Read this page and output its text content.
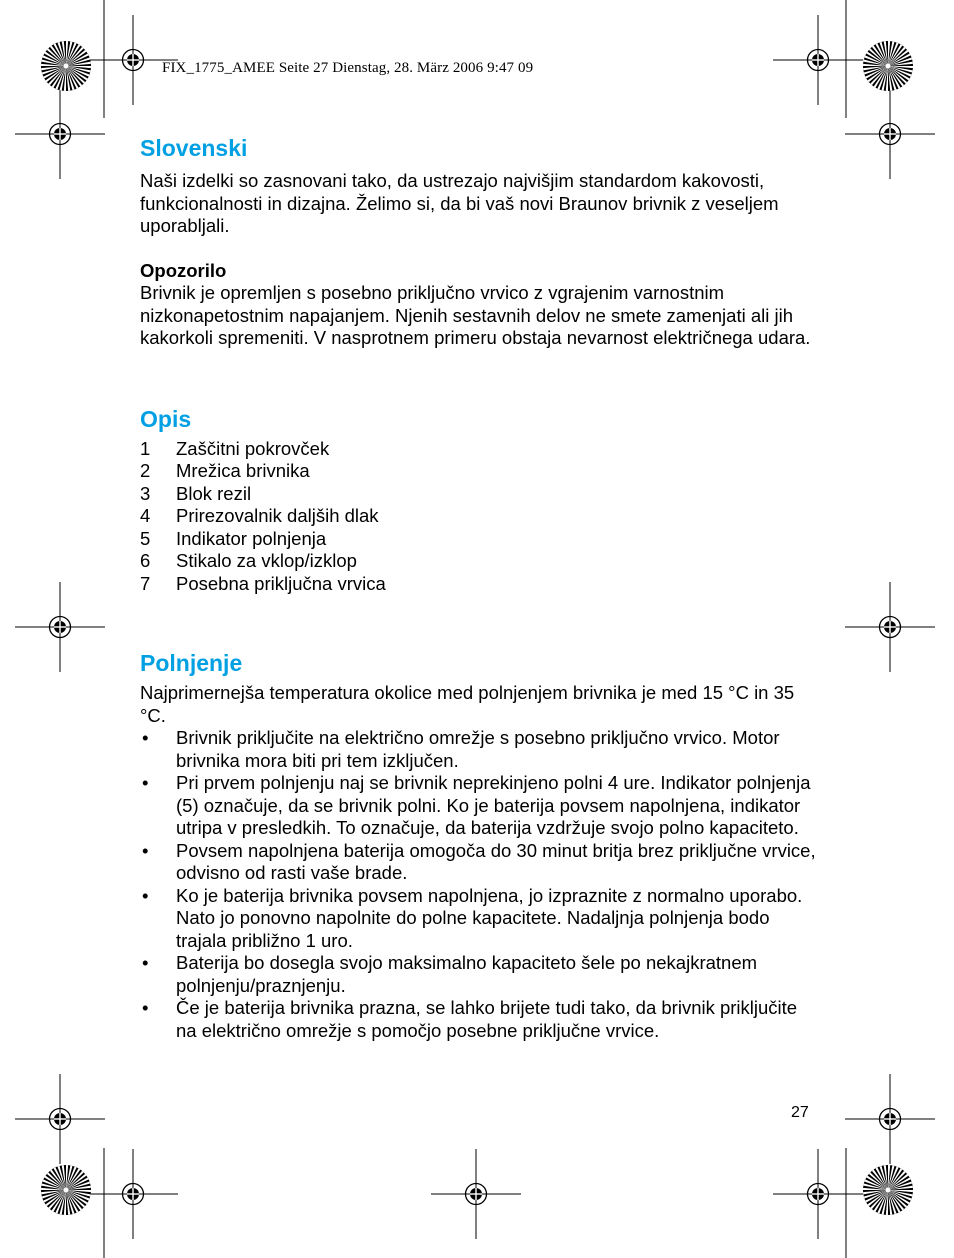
FIX_1775_AMEE Seite 27 Dienstag, 28. März 2006 9:47 09
Slovenski

Naši izdelki so zasnovani tako, da ustrezajo najvišjim standardom kakovosti, funkcionalnosti in dizajna. Želimo si, da bi vaš novi Braunov brivnik z veseljem uporabljali.

Opozorilo

Brivnik je opremljen s posebno priključno vrvico z vgrajenim varnostnim nizkonapetostnim napajanjem. Njenih sestavnih delov ne smete zamenjati ali jih kakorkoli spremeniti. V nasprotnem primeru obstaja nevarnost električnega udara.

Opis
1	Zaščitni pokrovček
2	Mrežica brivnika
3	Blok rezil
4	Prirezovalnik daljših dlak
5	Indikator polnjenja
6	Stikalo za vklop/izklop
7	Posebna priključna vrvica
Polnjenje

Najprimernejša temperatura okolice med polnjenjem brivnika je med 15 °C in 35 °C.

•	Brivnik priključite na električno omrežje s posebno priključno vrvico. Motor brivnika mora biti pri tem izključen.
•	Pri prvem polnjenju naj se brivnik neprekinjeno polni 4 ure. Indikator polnjenja (5) označuje, da se brivnik polni. Ko je baterija povsem napolnjena, indikator utripa v presledkih. To označuje, da baterija vzdržuje svojo polno kapaciteto.
•	Povsem napolnjena baterija omogoča do 30 minut britja brez priključne vrvice, odvisno od rasti vaše brade.
•	Ko je baterija brivnika povsem napolnjena, jo izpraznite z normalno uporabo. Nato jo ponovno napolnite do polne kapacitete. Nadaljnja polnjenja bodo trajala približno 1 uro.
•	Baterija bo dosegla svojo maksimalno kapaciteto šele po nekajkratnem polnjenju/praznjenju.
•	Če je baterija brivnika prazna, se lahko brijete tudi tako, da brivnik priključite na električno omrežje s pomočjo posebne priključne vrvice.
27
